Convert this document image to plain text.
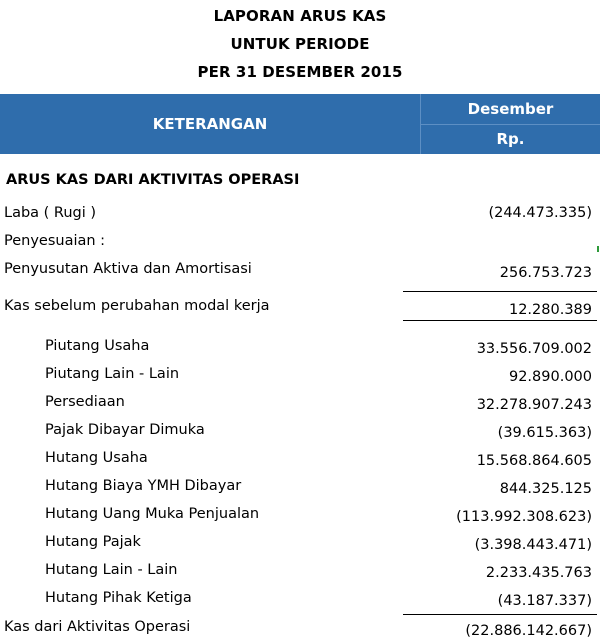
LAPORAN ARUS KAS
UNTUK PERIODE
PER 31 DESEMBER 2015
KETERANGAN
Desember
Rp.
ARUS KAS DARI AKTIVITAS OPERASI
Laba ( Rugi )	(244.473.335)
Penyesuaian :
Penyusutan Aktiva dan Amortisasi	256.753.723
Kas sebelum perubahan modal kerja	12.280.389
Piutang Usaha	33.556.709.002
Piutang Lain - Lain	92.890.000
Persediaan	32.278.907.243
Pajak Dibayar Dimuka	(39.615.363)
Hutang Usaha	15.568.864.605
Hutang Biaya YMH Dibayar	844.325.125
Hutang Uang Muka Penjualan	(113.992.308.623)
Hutang Pajak	(3.398.443.471)
Hutang Lain - Lain	2.233.435.763
Hutang Pihak Ketiga	(43.187.337)
Kas dari Aktivitas Operasi	(22.886.142.667)
